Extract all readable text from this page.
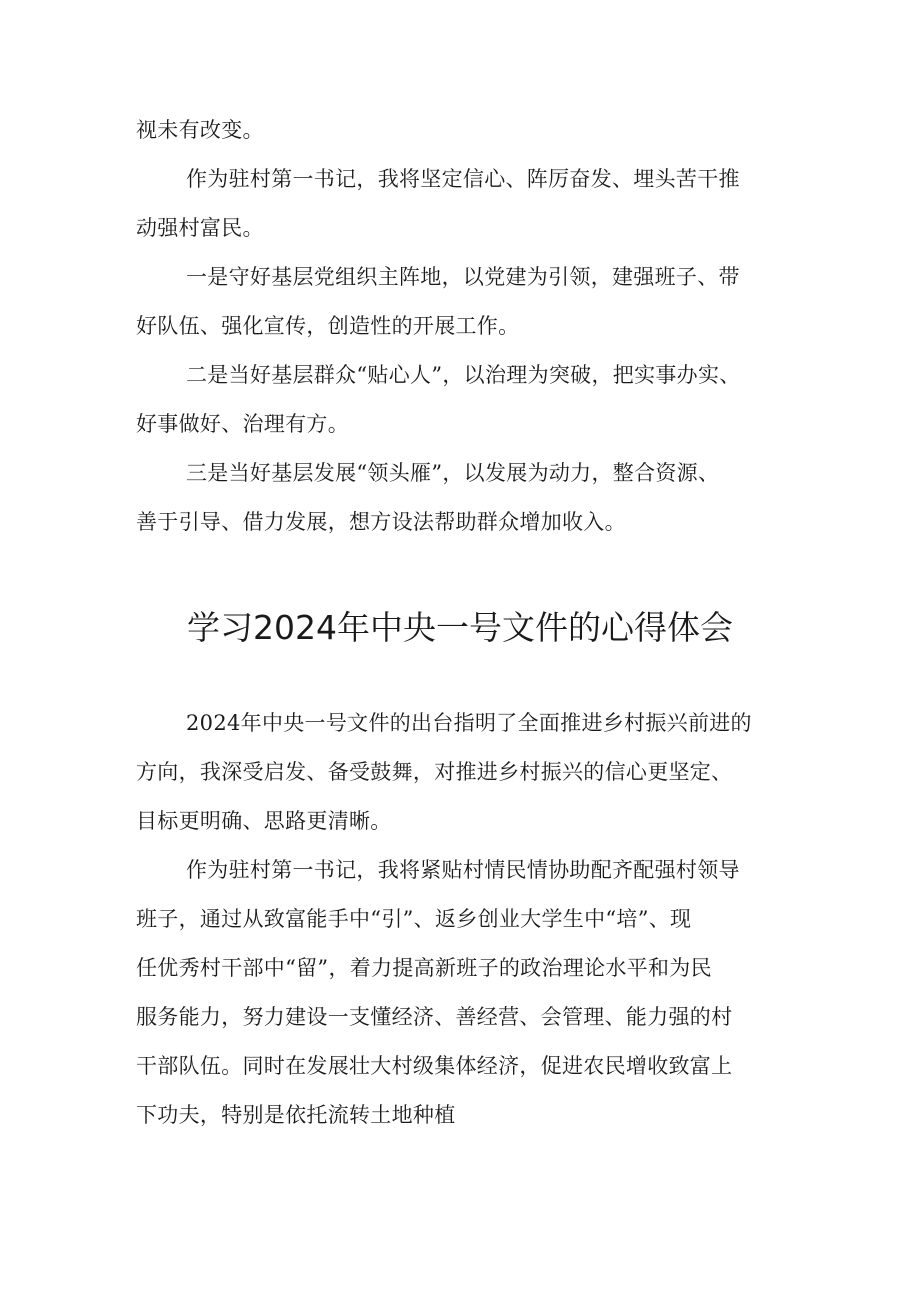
视未有改变。
作为驻村第一书记，我将坚定信心、阵厉奋发、埋头苦干推
动强村富民。
一是守好基层党组织主阵地，以党建为引领，建强班子、带
好队伍、强化宣传，创造性的开展工作。
二是当好基层群众“贴心人”，以治理为突破，把实事办实、
好事做好、治理有方。
三是当好基层发展“领头雁”，以发展为动力，整合资源、
善于引导、借力发展，想方设法帮助群众增加收入。
学习2024年中央一号文件的心得体会
2024年中央一号文件的出台指明了全面推进乡村振兴前进的
方向，我深受启发、备受鼓舞，对推进乡村振兴的信心更坚定、
目标更明确、思路更清晰。
作为驻村第一书记，我将紧贴村情民情协助配齐配强村领导
班子，通过从致富能手中“引”、返乡创业大学生中“培”、现
任优秀村干部中“留”，着力提高新班子的政治理论水平和为民
服务能力，努力建设一支懂经济、善经营、会管理、能力强的村
干部队伍。同时在发展壮大村级集体经济，促进农民增收致富上
下功夫，特别是依托流转土地种植
